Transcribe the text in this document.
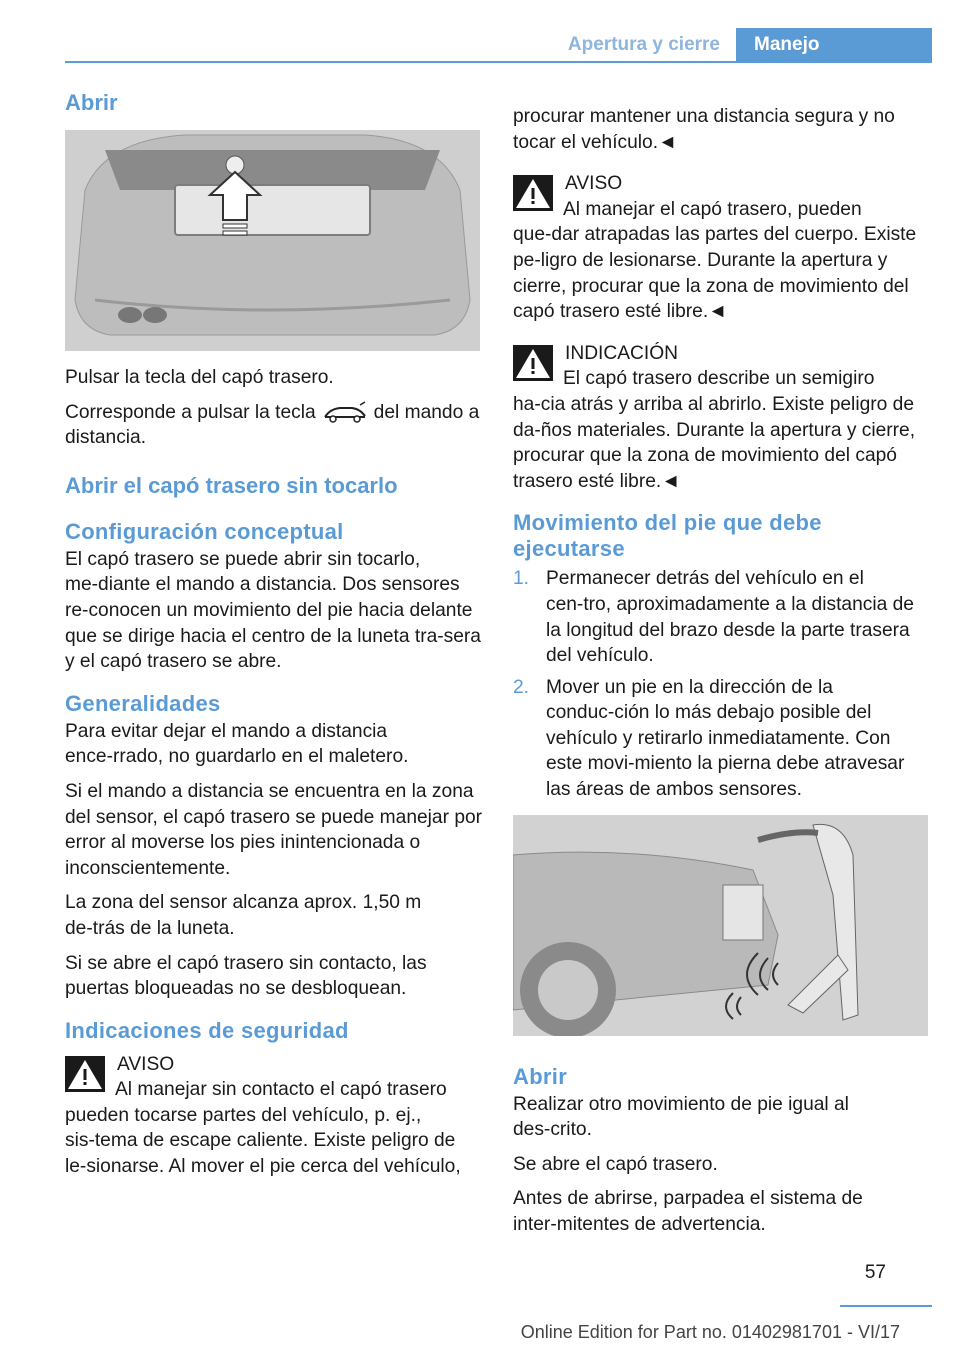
Apertura y cierre	Manejo

Abrir

Pulsar la tecla del capó trasero.

Corresponde a pulsar la tecla	del mando a distancia.

Abrir el capó trasero sin tocarlo

Configuración conceptual

El capó trasero se puede abrir sin tocarlo, me‑diante el mando a distancia. Dos sensores re‑conocen un movimiento del pie hacia delante que se dirige hacia el centro de la luneta tra‑sera y el capó trasero se abre.

Generalidades

Para evitar dejar el mando a distancia ence‑rrado, no guardarlo en el maletero.

Si el mando a distancia se encuentra en la zona del sensor, el capó trasero se puede manejar por error al moverse los pies inintencionada o inconscientemente.

La zona del sensor alcanza aprox. 1,50 m de‑trás de la luneta.

Si se abre el capó trasero sin contacto, las puertas bloqueadas no se desbloquean.

Indicaciones de seguridad

AVISO
Al manejar sin contacto el capó trasero pueden tocarse partes del vehículo, p. ej., sis‑tema de escape caliente. Existe peligro de le‑sionarse. Al mover el pie cerca del vehículo,

procurar mantener una distancia segura y no tocar el vehículo.◄

AVISO
Al manejar el capó trasero, pueden que‑dar atrapadas las partes del cuerpo. Existe pe‑ligro de lesionarse. Durante la apertura y cierre, procurar que la zona de movimiento del capó trasero esté libre.◄
INDICACIÓN
El capó trasero describe un semigiro ha‑cia atrás y arriba al abrirlo. Existe peligro de da‑ños materiales. Durante la apertura y cierre, procurar que la zona de movimiento del capó trasero esté libre.◄

Movimiento del pie que debe ejecutarse

1. Permanecer detrás del vehículo en el cen‑tro, aproximadamente a la distancia de la longitud del brazo desde la parte trasera del vehículo.
2. Mover un pie en la dirección de la conduc‑ción lo más debajo posible del vehículo y retirarlo inmediatamente. Con este movi‑miento la pierna debe atravesar las áreas de ambos sensores.

Abrir

Realizar otro movimiento de pie igual al des‑crito.

Se abre el capó trasero.

Antes de abrirse, parpadea el sistema de inter‑mitentes de advertencia.

57
Online Edition for Part no. 01402981701 - VI/17
